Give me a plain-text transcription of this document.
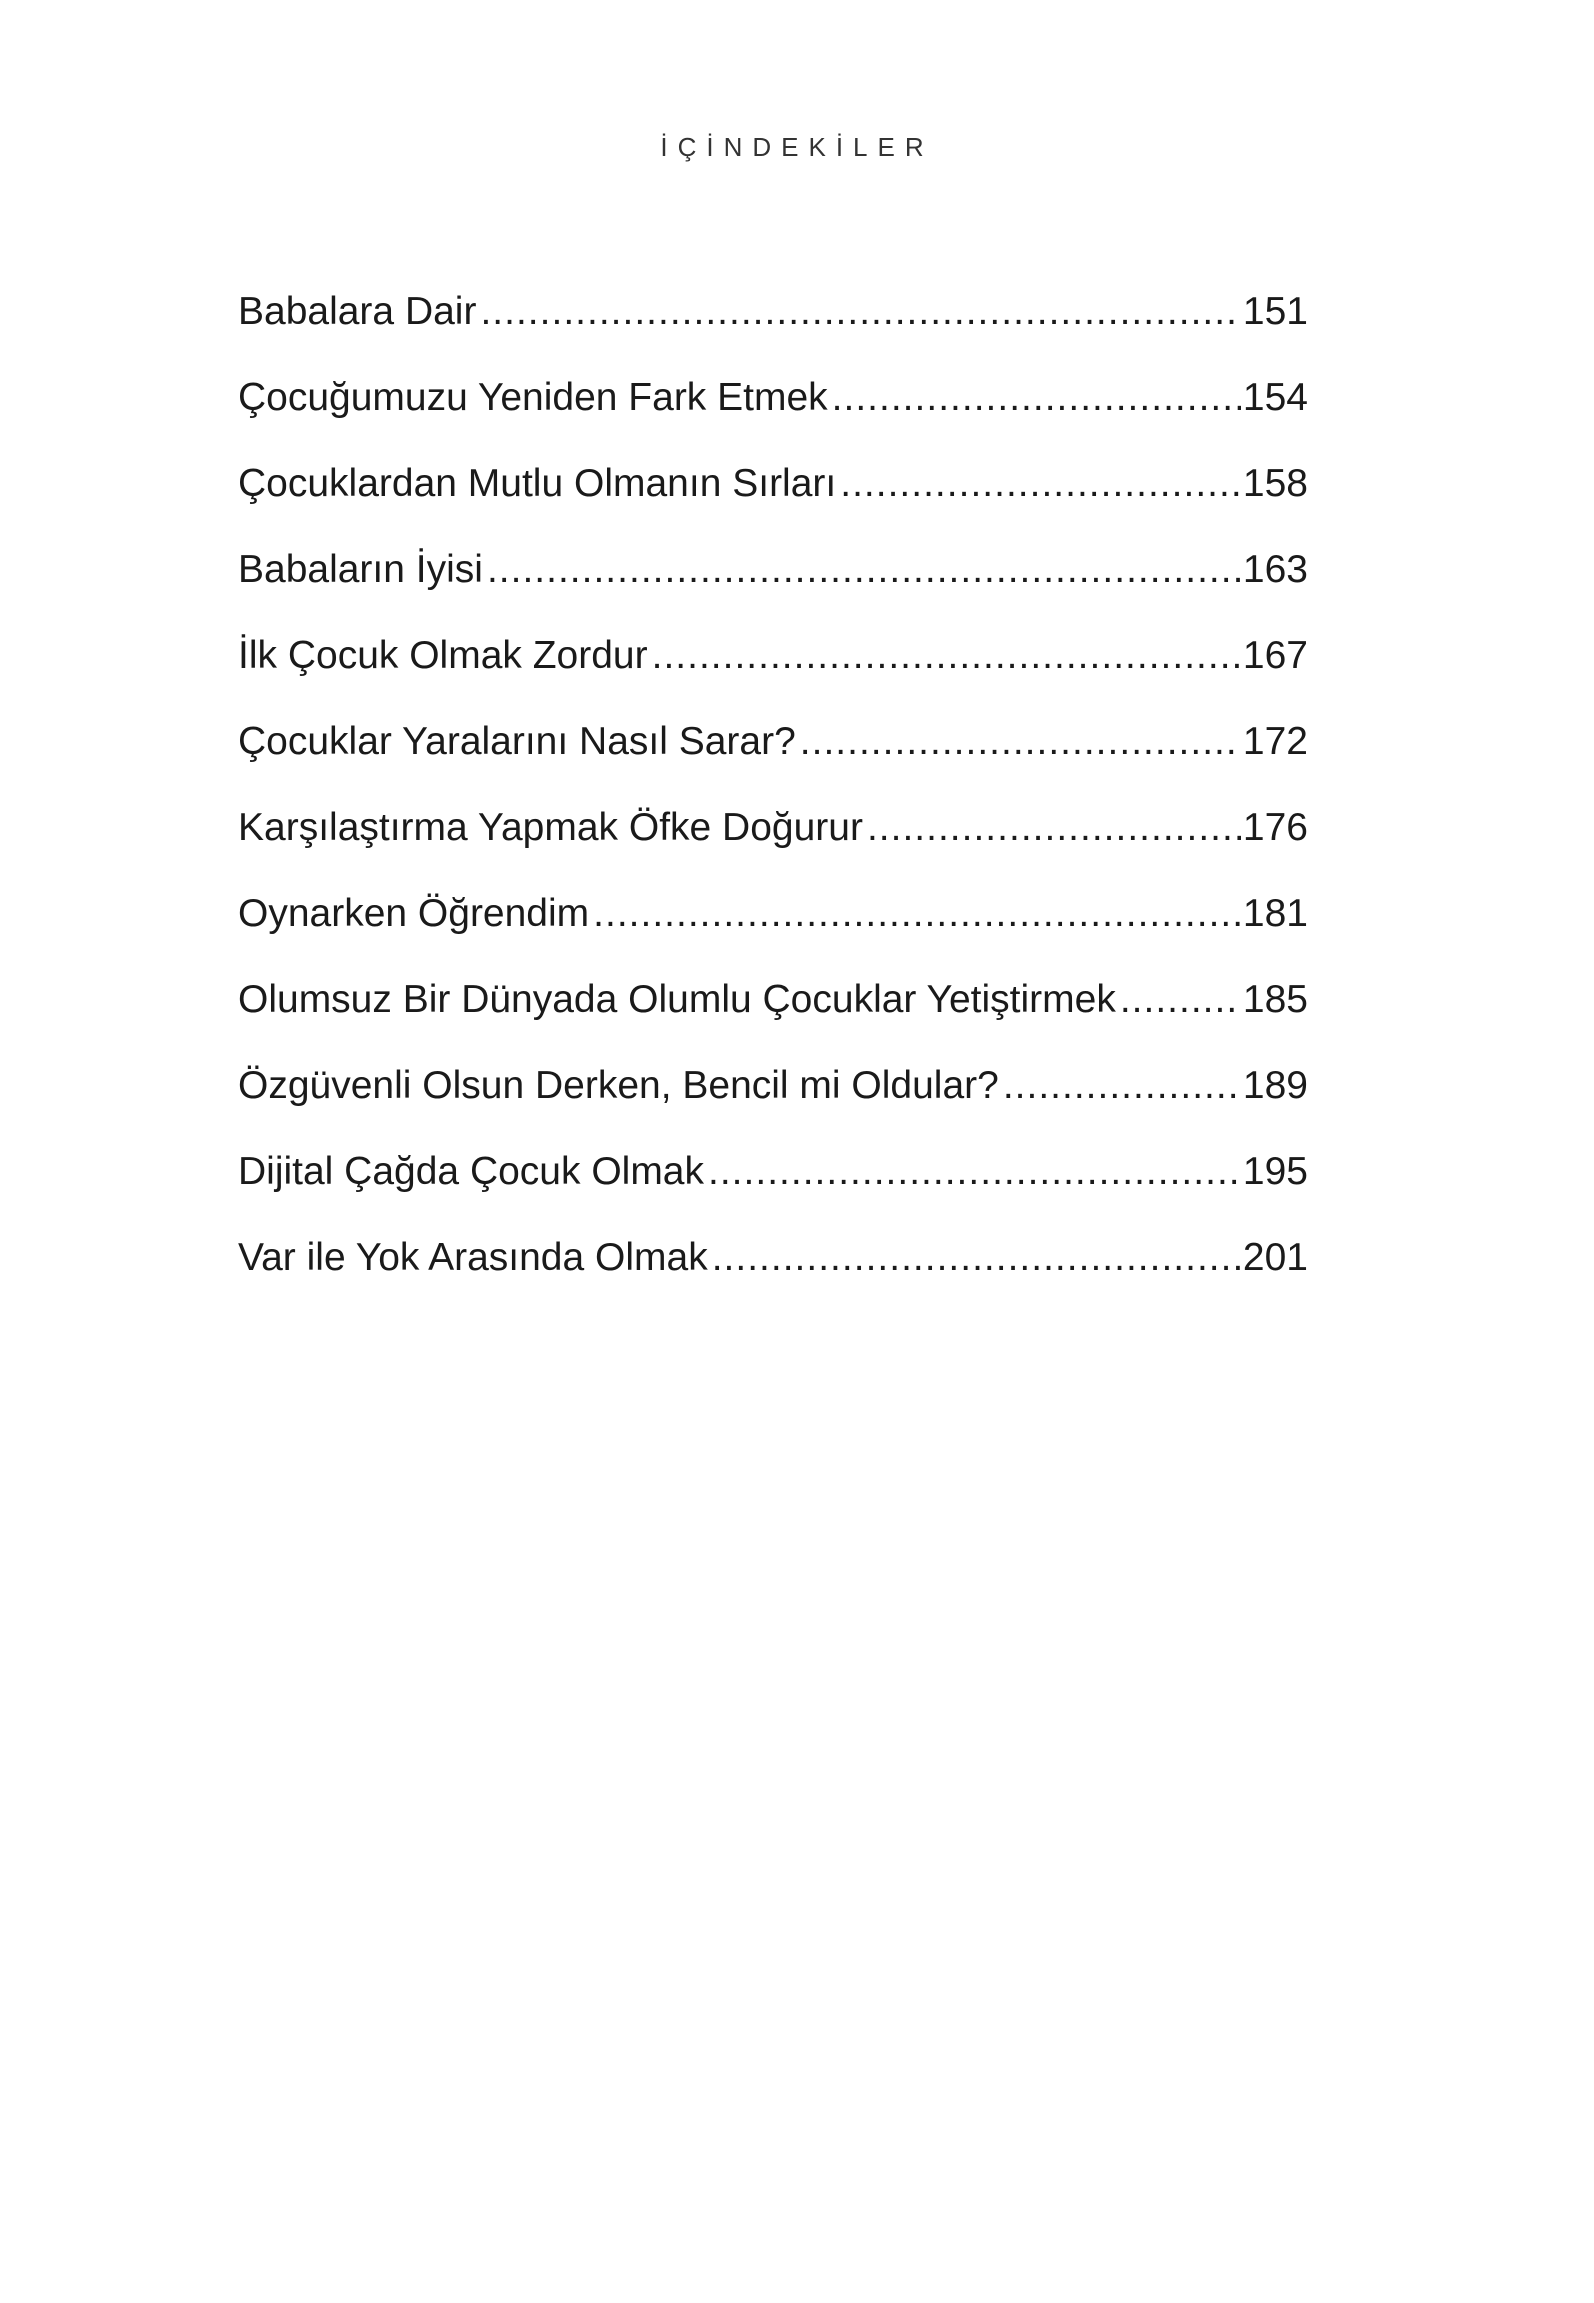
İÇİNDEKİLER
Babalara Dair .....	151
Çocuğumuzu Yeniden Fark Etmek .....	154
Çocuklardan Mutlu Olmanın Sırları .....	158
Babaların İyisi .....	163
İlk Çocuk Olmak Zordur .....	167
Çocuklar Yaralarını Nasıl Sarar? .....	172
Karşılaştırma Yapmak Öfke Doğurur .....	176
Oynarken Öğrendim .....	181
Olumsuz Bir Dünyada Olumlu Çocuklar Yetiştirmek .....	185
Özgüvenli Olsun Derken, Bencil mi Oldular? .....	189
Dijital Çağda Çocuk Olmak .....	195
Var ile Yok Arasında Olmak .....	201
